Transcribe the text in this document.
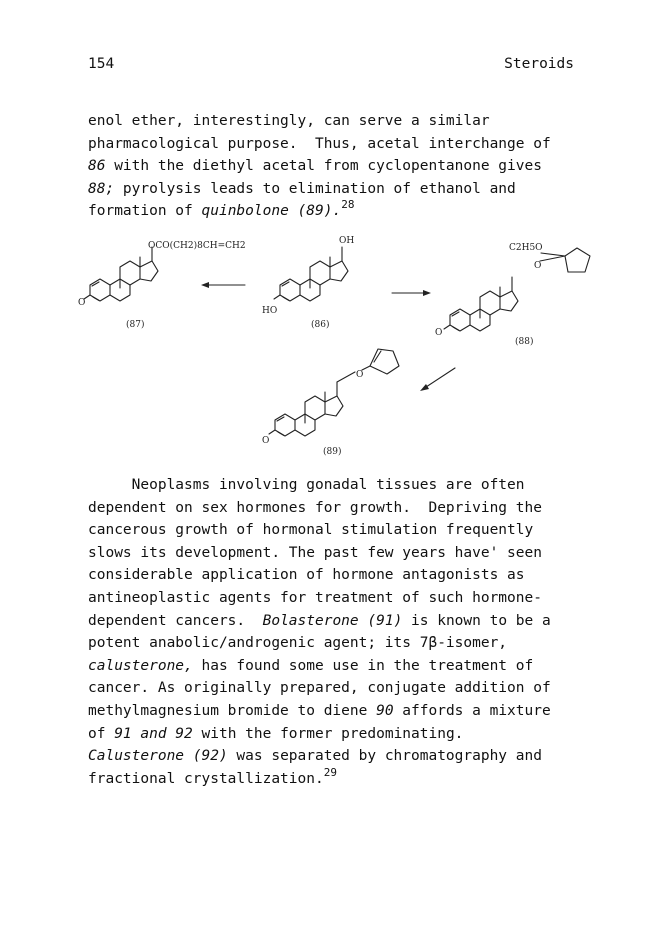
154	Steroids
enol ether, interestingly, can serve a similar
pharmacological purpose.  Thus, acetal interchange of
86 with the diethyl acetal from cyclopentanone gives
88; pyrolysis leads to elimination of ethanol and
formation of quinbolone (89).$^{28}$
O
OCO(CH2)8CH=CH2
(87)
HO
OH
(86)
O
O
C2H5O
(88)
O
O
(89)
Neoplasms involving gonadal tissues are often
dependent on sex hormones for growth.  Depriving the
cancerous growth of hormonal stimulation frequently
slows its development. The past few years have' seen
considerable application of hormone antagonists as
antineoplastic agents for treatment of such hormone-
dependent cancers.  Bolasterone (91) is known to be a
potent anabolic/androgenic agent; its 7β-isomer,
calusterone, has found some use in the treatment of
cancer. As originally prepared, conjugate addition of
methylmagnesium bromide to diene 90 affords a mixture
of 91 and 92 with the former predominating.
Calusterone (92) was separated by chromatography and
fractional crystallization.$^{29}$
